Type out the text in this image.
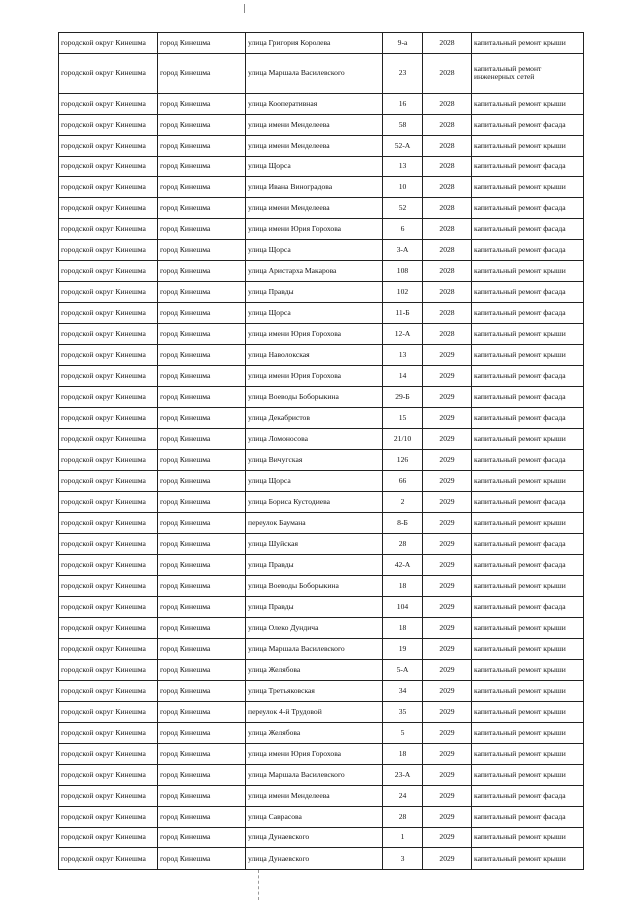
городской округ Кинешма	город Кинешма	улица Григория Королева	9-а	2028	капитальный ремонт крыши
городской округ Кинешма	город Кинешма	улица Маршала Василевского	23	2028	капитальный ремонт инженерных сетей
городской округ Кинешма	город Кинешма	улица Кооперативная	16	2028	капитальный ремонт крыши
городской округ Кинешма	город Кинешма	улица имени Менделеева	58	2028	капитальный ремонт фасада
городской округ Кинешма	город Кинешма	улица имени Менделеева	52-А	2028	капитальный ремонт крыши
городской округ Кинешма	город Кинешма	улица Щорса	13	2028	капитальный ремонт фасада
городской округ Кинешма	город Кинешма	улица Ивана Виноградова	10	2028	капитальный ремонт крыши
городской округ Кинешма	город Кинешма	улица имени Менделеева	52	2028	капитальный ремонт фасада
городской округ Кинешма	город Кинешма	улица имени Юрия Горохова	6	2028	капитальный ремонт фасада
городской округ Кинешма	город Кинешма	улица Щорса	3-А	2028	капитальный ремонт фасада
городской округ Кинешма	город Кинешма	улица Аристарха Макарова	108	2028	капитальный ремонт крыши
городской округ Кинешма	город Кинешма	улица Правды	102	2028	капитальный ремонт фасада
городской округ Кинешма	город Кинешма	улица Щорса	11-Б	2028	капитальный ремонт фасада
городской округ Кинешма	город Кинешма	улица имени Юрия Горохова	12-А	2028	капитальный ремонт крыши
городской округ Кинешма	город Кинешма	улица Наволокская	13	2029	капитальный ремонт крыши
городской округ Кинешма	город Кинешма	улица имени Юрия Горохова	14	2029	капитальный ремонт фасада
городской округ Кинешма	город Кинешма	улица Воеводы Боборыкина	29-Б	2029	капитальный ремонт фасада
городской округ Кинешма	город Кинешма	улица Декабристов	15	2029	капитальный ремонт фасада
городской округ Кинешма	город Кинешма	улица Ломоносова	21/10	2029	капитальный ремонт крыши
городской округ Кинешма	город Кинешма	улица Вичугская	126	2029	капитальный ремонт фасада
городской округ Кинешма	город Кинешма	улица Щорса	66	2029	капитальный ремонт крыши
городской округ Кинешма	город Кинешма	улица Бориса Кустодиева	2	2029	капитальный ремонт фасада
городской округ Кинешма	город Кинешма	переулок Баумана	8-Б	2029	капитальный ремонт крыши
городской округ Кинешма	город Кинешма	улица Шуйская	28	2029	капитальный ремонт фасада
городской округ Кинешма	город Кинешма	улица Правды	42-А	2029	капитальный ремонт фасада
городской округ Кинешма	город Кинешма	улица Воеводы Боборыкина	18	2029	капитальный ремонт крыши
городской округ Кинешма	город Кинешма	улица Правды	104	2029	капитальный ремонт фасада
городской округ Кинешма	город Кинешма	улица Олеко Дундича	18	2029	капитальный ремонт крыши
городской округ Кинешма	город Кинешма	улица Маршала Василевского	19	2029	капитальный ремонт крыши
городской округ Кинешма	город Кинешма	улица Желябова	5-А	2029	капитальный ремонт крыши
городской округ Кинешма	город Кинешма	улица Третьяковская	34	2029	капитальный ремонт крыши
городской округ Кинешма	город Кинешма	переулок 4-й Трудовой	35	2029	капитальный ремонт крыши
городской округ Кинешма	город Кинешма	улица Желябова	5	2029	капитальный ремонт крыши
городской округ Кинешма	город Кинешма	улица имени Юрия Горохова	18	2029	капитальный ремонт крыши
городской округ Кинешма	город Кинешма	улица Маршала Василевского	23-А	2029	капитальный ремонт крыши
городской округ Кинешма	город Кинешма	улица имени Менделеева	24	2029	капитальный ремонт фасада
городской округ Кинешма	город Кинешма	улица Саврасова	28	2029	капитальный ремонт фасада
городской округ Кинешма	город Кинешма	улица Дунаевского	1	2029	капитальный ремонт крыши
городской округ Кинешма	город Кинешма	улица Дунаевского	3	2029	капитальный ремонт крыши
